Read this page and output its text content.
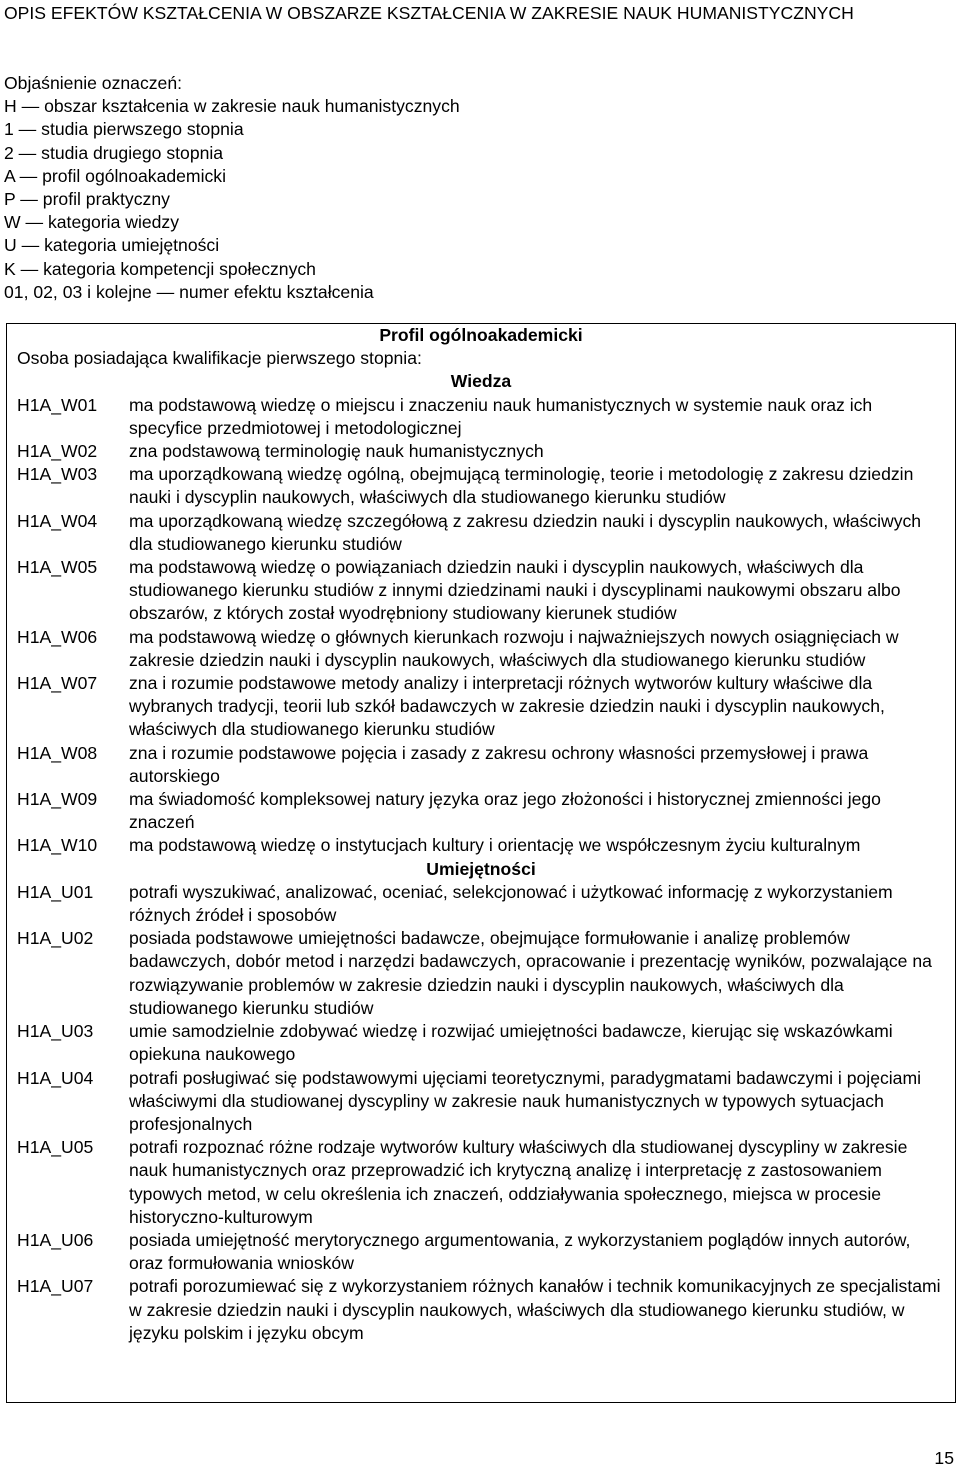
OPIS EFEKTÓW KSZTAŁCENIA W OBSZARZE KSZTAŁCENIA W ZAKRESIE NAUK HUMANISTYCZNYCH
Objaśnienie oznaczeń:
H — obszar kształcenia w zakresie nauk humanistycznych
1 — studia pierwszego stopnia
2 — studia drugiego stopnia
A — profil ogólnoakademicki
P — profil praktyczny
W — kategoria wiedzy
U — kategoria umiejętności
K — kategoria kompetencji społecznych
01, 02, 03 i kolejne — numer efektu kształcenia
Profil ogólnoakademicki
Osoba posiadająca kwalifikacje pierwszego stopnia:
Wiedza
H1A_W01	ma podstawową wiedzę o miejscu i znaczeniu nauk humanistycznych w systemie nauk oraz ich specyfice przedmiotowej i metodologicznej
H1A_W02	zna podstawową terminologię nauk humanistycznych
H1A_W03	ma uporządkowaną wiedzę ogólną, obejmującą terminologię, teorie i metodologię z zakresu dziedzin nauki i dyscyplin naukowych, właściwych dla studiowanego kierunku studiów
H1A_W04	ma uporządkowaną wiedzę szczegółową z zakresu dziedzin nauki i dyscyplin naukowych, właściwych dla studiowanego kierunku studiów
H1A_W05	ma podstawową wiedzę o powiązaniach dziedzin nauki i dyscyplin naukowych, właściwych dla studiowanego kierunku studiów z innymi dziedzinami nauki i dyscyplinami naukowymi obszaru albo obszarów, z których został wyodrębniony studiowany kierunek studiów
H1A_W06	ma podstawową wiedzę o głównych kierunkach rozwoju i najważniejszych nowych osiągnięciach w zakresie dziedzin nauki i dyscyplin naukowych, właściwych dla studiowanego kierunku studiów
H1A_W07	zna i rozumie podstawowe metody analizy i interpretacji różnych wytworów kultury właściwe dla wybranych tradycji, teorii lub szkół badawczych w zakresie dziedzin nauki i dyscyplin naukowych, właściwych dla studiowanego kierunku studiów
H1A_W08	zna i rozumie podstawowe pojęcia i zasady z zakresu ochrony własności przemysłowej i prawa autorskiego
H1A_W09	ma świadomość kompleksowej natury języka oraz jego złożoności i historycznej zmienności jego znaczeń
H1A_W10	ma podstawową wiedzę o instytucjach kultury i orientację we współczesnym życiu kulturalnym
Umiejętności
H1A_U01	potrafi wyszukiwać, analizować, oceniać, selekcjonować i użytkować informację z wykorzystaniem różnych źródeł i sposobów
H1A_U02	posiada podstawowe umiejętności badawcze, obejmujące formułowanie i analizę problemów badawczych, dobór metod i narzędzi badawczych, opracowanie i prezentację wyników, pozwalające na rozwiązywanie problemów w zakresie dziedzin nauki i dyscyplin naukowych, właściwych dla studiowanego kierunku studiów
H1A_U03	umie samodzielnie zdobywać wiedzę i rozwijać umiejętności badawcze, kierując się wskazówkami opiekuna naukowego
H1A_U04	potrafi posługiwać się podstawowymi ujęciami teoretycznymi, paradygmatami badawczymi i pojęciami właściwymi dla studiowanej dyscypliny w zakresie nauk humanistycznych w typowych sytuacjach profesjonalnych
H1A_U05	potrafi rozpoznać różne rodzaje wytworów kultury właściwych dla studiowanej dyscypliny w zakresie nauk humanistycznych oraz przeprowadzić ich krytyczną analizę i interpretację z zastosowaniem typowych metod, w celu określenia ich znaczeń, oddziaływania społecznego, miejsca w procesie historyczno-kulturowym
H1A_U06	posiada umiejętność merytorycznego argumentowania, z wykorzystaniem poglądów innych autorów, oraz formułowania wniosków
H1A_U07	potrafi porozumiewać się z wykorzystaniem różnych kanałów i technik komunikacyjnych ze specjalistami w zakresie dziedzin nauki i dyscyplin naukowych, właściwych dla studiowanego kierunku studiów, w języku polskim i języku obcym
15
